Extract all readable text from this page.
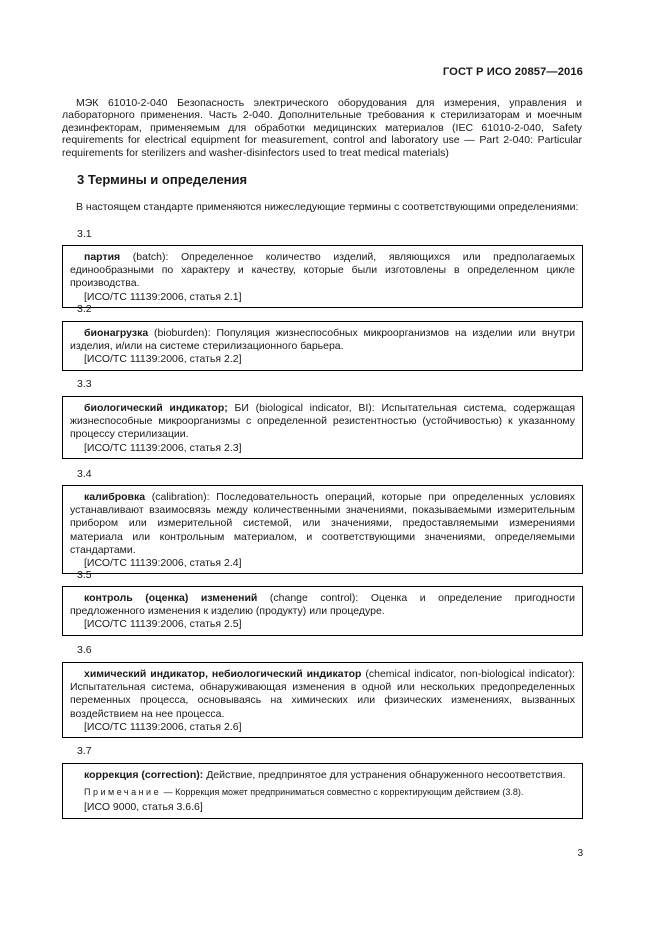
ГОСТ Р ИСО 20857—2016
МЭК 61010-2-040 Безопасность электрического оборудования для измерения, управления и лабораторного применения. Часть 2-040. Дополнительные требования к стерилизаторам и моечным дезинфекторам, применяемым для обработки медицинских материалов (IEC 61010-2-040, Safety requirements for electrical equipment for measurement, control and laboratory use — Part 2-040: Particular requirements for sterilizers and washer-disinfectors used to treat medical materials)
3 Термины и определения
В настоящем стандарте применяются нижеследующие термины с соответствующими определениями:
3.1
партия (batch): Определенное количество изделий, являющихся или предполагаемых единообразными по характеру и качеству, которые были изготовлены в определенном цикле производства.
[ИСО/ТС 11139:2006, статья 2.1]
3.2
бионагрузка (bioburden): Популяция жизнеспособных микроорганизмов на изделии или внутри изделия, и/или на системе стерилизационного барьера.
[ИСО/ТС 11139:2006, статья 2.2]
3.3
биологический индикатор; БИ (biological indicator, BI): Испытательная система, содержащая жизнеспособные микроорганизмы с определенной резистентностью (устойчивостью) к указанному процессу стерилизации.
[ИСО/ТС 11139:2006, статья 2.3]
3.4
калибровка (calibration): Последовательность операций, которые при определенных условиях устанавливают взаимосвязь между количественными значениями, показываемыми измерительным прибором или измерительной системой, или значениями, предоставляемыми измерениями материала или контрольным материалом, и соответствующими значениями, определяемыми стандартами.
[ИСО/ТС 11139:2006, статья 2.4]
3.5
контроль (оценка) изменений (change control): Оценка и определение пригодности предложенного изменения к изделию (продукту) или процедуре.
[ИСО/ТС 11139:2006, статья 2.5]
3.6
химический индикатор, небиологический индикатор (chemical indicator, non-biological indicator): Испытательная система, обнаруживающая изменения в одной или нескольких предопределенных переменных процесса, основываясь на химических или физических изменениях, вызванных воздействием на нее процесса.
[ИСО/ТС 11139:2006, статья 2.6]
3.7
коррекция (correction): Действие, предпринятое для устранения обнаруженного несоответствия.
Примечание — Коррекция может предприниматься совместно с корректирующим действием (3.8).
[ИСО 9000, статья 3.6.6]
3
